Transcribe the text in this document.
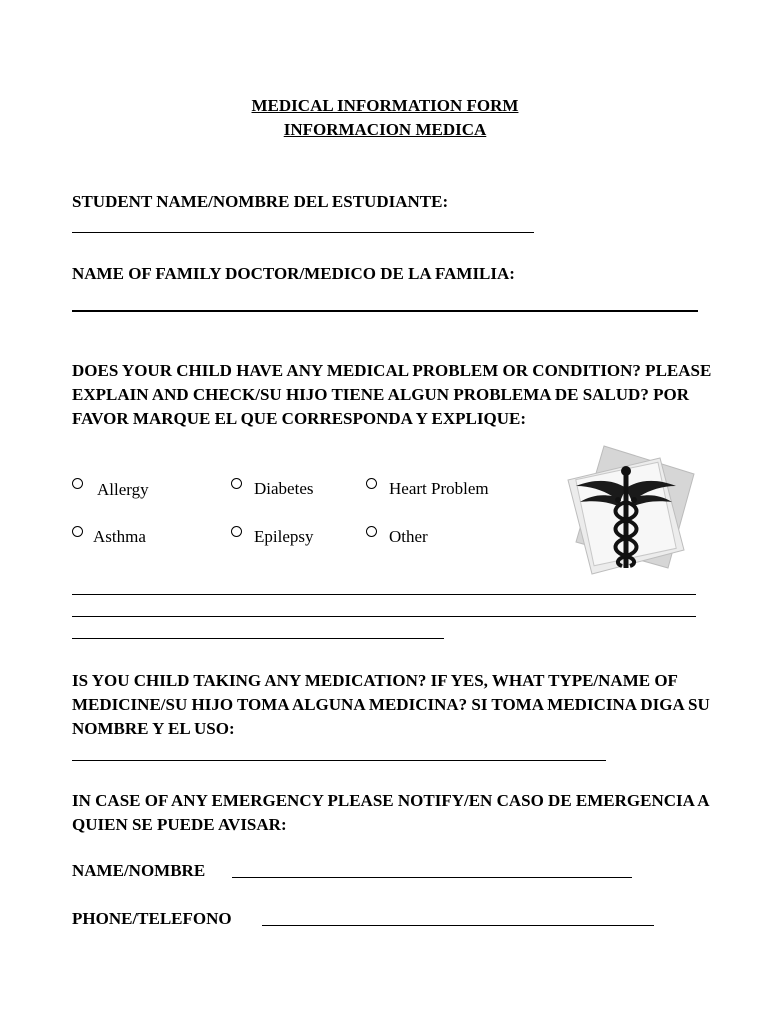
MEDICAL INFORMATION FORM
INFORMACION MEDICA
STUDENT NAME/NOMBRE DEL ESTUDIANTE:
NAME OF FAMILY DOCTOR/MEDICO DE LA FAMILIA:
DOES YOUR CHILD HAVE ANY MEDICAL PROBLEM OR CONDITION? PLEASE EXPLAIN AND CHECK/SU HIJO TIENE ALGUN PROBLEMA DE SALUD? POR FAVOR MARQUE EL QUE CORRESPONDA Y EXPLIQUE:
Allergy	Diabetes	Heart Problem
Asthma	Epilepsy	Other
IS YOU CHILD TAKING ANY MEDICATION? IF YES, WHAT TYPE/NAME OF MEDICINE/SU HIJO TOMA ALGUNA MEDICINA? SI TOMA MEDICINA DIGA SU NOMBRE Y EL USO:
IN CASE OF ANY EMERGENCY PLEASE NOTIFY/EN CASO DE EMERGENCIA A QUIEN SE PUEDE AVISAR:
NAME/NOMBRE
PHONE/TELEFONO
